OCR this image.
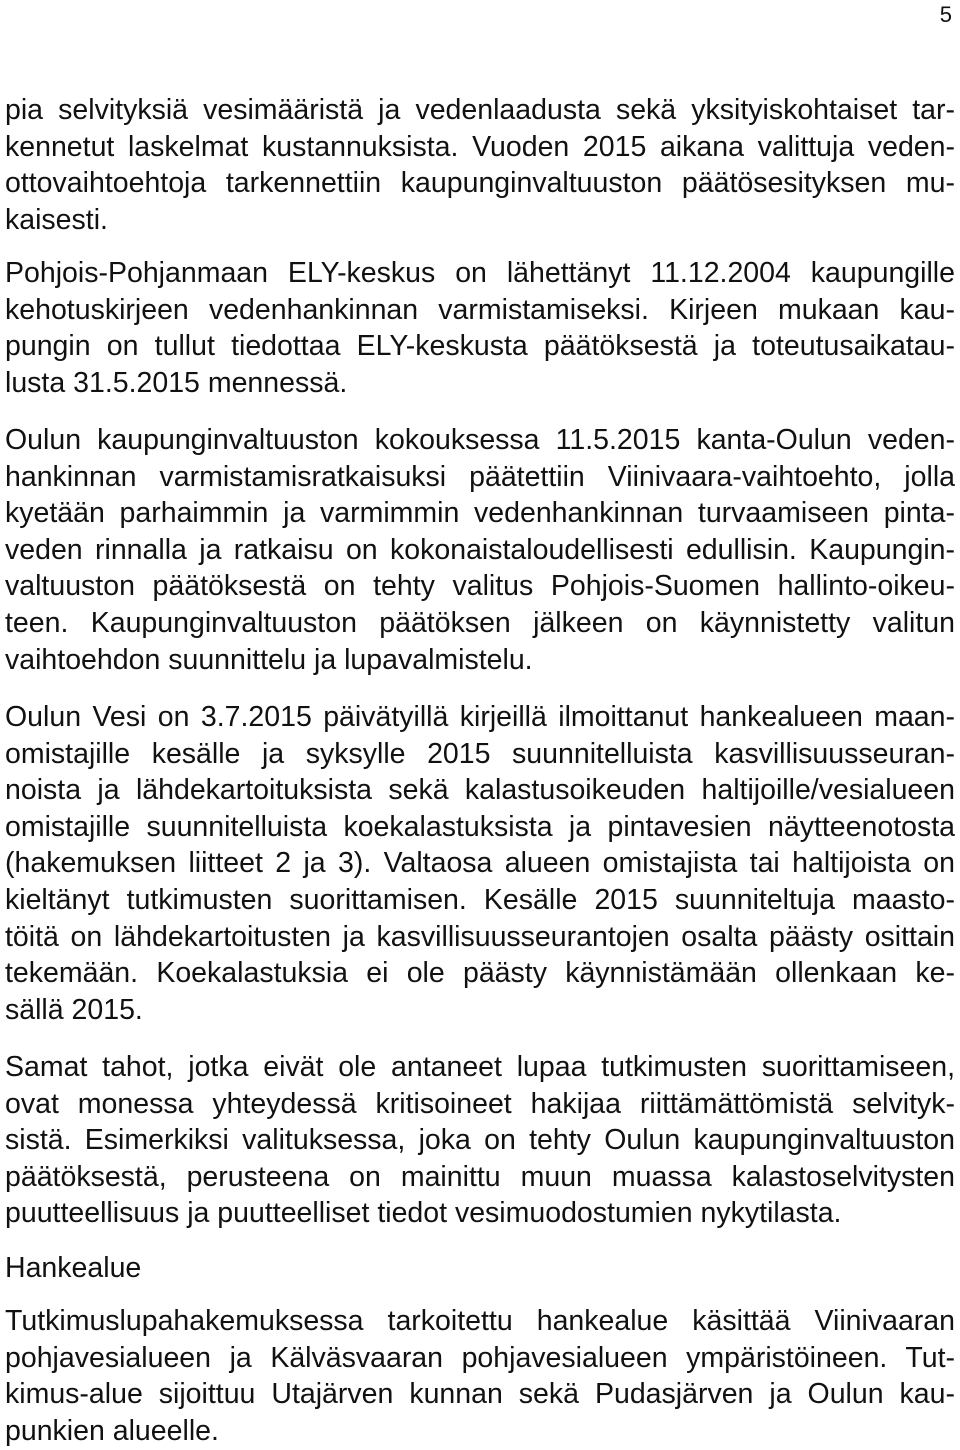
5
pia selvityksiä vesimääristä ja vedenlaadusta sekä yksityiskohtaiset tar-
kennetut laskelmat kustannuksista. Vuoden 2015 aikana valittuja veden-
ottovaihtoehtoja tarkennettiin kaupunginvaltuuston päätösesityksen mu-
kaisesti.
Pohjois-Pohjanmaan ELY-keskus on lähettänyt 11.12.2004 kaupungille
kehotuskirjeen vedenhankinnan varmistamiseksi. Kirjeen mukaan kau-
pungin on tullut tiedottaa ELY-keskusta päätöksestä ja toteutusaikatau-
lusta 31.5.2015 mennessä.
Oulun kaupunginvaltuuston kokouksessa 11.5.2015 kanta-Oulun veden-
hankinnan varmistamisratkaisuksi päätettiin Viinivaara-vaihtoehto, jolla
kyetään parhaimmin ja varmimmin vedenhankinnan turvaamiseen pinta-
veden rinnalla ja ratkaisu on kokonaistaloudellisesti edullisin. Kaupungin-
valtuuston päätöksestä on tehty valitus Pohjois-Suomen hallinto-oikeu-
teen. Kaupunginvaltuuston päätöksen jälkeen on käynnistetty valitun
vaihtoehdon suunnittelu ja lupavalmistelu.
Oulun Vesi on 3.7.2015 päivätyillä kirjeillä ilmoittanut hankealueen maan-
omistajille kesälle ja syksylle 2015 suunnitelluista kasvillisuusseuran-
noista ja lähdekartoituksista sekä kalastusoikeuden haltijoille/vesialueen
omistajille suunnitelluista koekalastuksista ja pintavesien näytteenotosta
(hakemuksen liitteet 2 ja 3). Valtaosa alueen omistajista tai haltijoista on
kieltänyt tutkimusten suorittamisen. Kesälle 2015 suunniteltuja maasto-
töitä on lähdekartoitusten ja kasvillisuusseurantojen osalta päästy osittain
tekemään. Koekalastuksia ei ole päästy käynnistämään ollenkaan ke-
sällä 2015.
Samat tahot, jotka eivät ole antaneet lupaa tutkimusten suorittamiseen,
ovat monessa yhteydessä kritisoineet hakijaa riittämättömistä selvityk-
sistä. Esimerkiksi valituksessa, joka on tehty Oulun kaupunginvaltuuston
päätöksestä, perusteena on mainittu muun muassa kalastoselvitysten
puutteellisuus ja puutteelliset tiedot vesimuodostumien nykytilasta.
Hankealue
Tutkimuslupahakemuksessa tarkoitettu hankealue käsittää Viinivaaran
pohjavesialueen ja Kälväsvaaran pohjavesialueen ympäristöineen. Tut-
kimus-alue sijoittuu Utajärven kunnan sekä Pudasjärven ja Oulun kau-
punkien alueelle.
